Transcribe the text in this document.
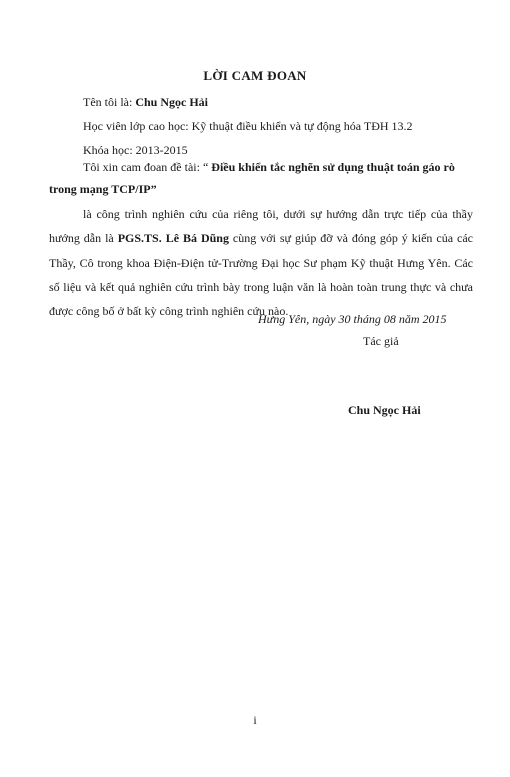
LỜI CAM ĐOAN
Tên tôi là: Chu Ngọc Hải
Học viên lớp cao học: Kỹ thuật điều khiển và tự động hóa TĐH 13.2
Khóa học: 2013-2015
Tôi xin cam đoan đề tài: “ Điều khiển tắc nghẽn sử dụng thuật toán gáo rò
trong mạng TCP/IP”

là công trình nghiên cứu của riêng tôi, dưới sự hướng dẫn trực tiếp của thầy hướng dẫn là PGS.TS. Lê Bá Dũng cùng với sự giúp đỡ và đóng góp ý kiến của các Thầy, Cô trong khoa Điện-Điện tử-Trường Đại học Sư phạm Kỹ thuật Hưng Yên. Các số liệu và kết quả nghiên cứu trình bày trong luận văn là hoàn toàn trung thực và chưa được công bố ở bất kỳ công trình nghiên cứu nào.

Hưng Yên, ngày 30 tháng 08 năm 2015
Tác giả
Chu Ngọc Hải
i
